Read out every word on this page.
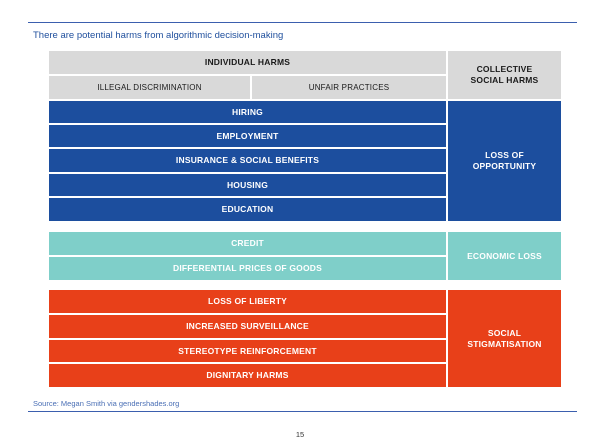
There are potential harms from algorithmic decision-making
INDIVIDUAL HARMS
COLLECTIVE SOCIAL HARMS
ILLEGAL DISCRIMINATION	UNFAIR PRACTICES
HIRING
EMPLOYMENT
INSURANCE & SOCIAL BENEFITS
HOUSING
EDUCATION
LOSS OF OPPORTUNITY
CREDIT
DIFFERENTIAL PRICES OF GOODS
ECONOMIC LOSS
LOSS OF LIBERTY
INCREASED SURVEILLANCE
STEREOTYPE REINFORCEMENT
DIGNITARY HARMS
SOCIAL STIGMATISATION
Source: Megan Smith via gendershades.org
15
